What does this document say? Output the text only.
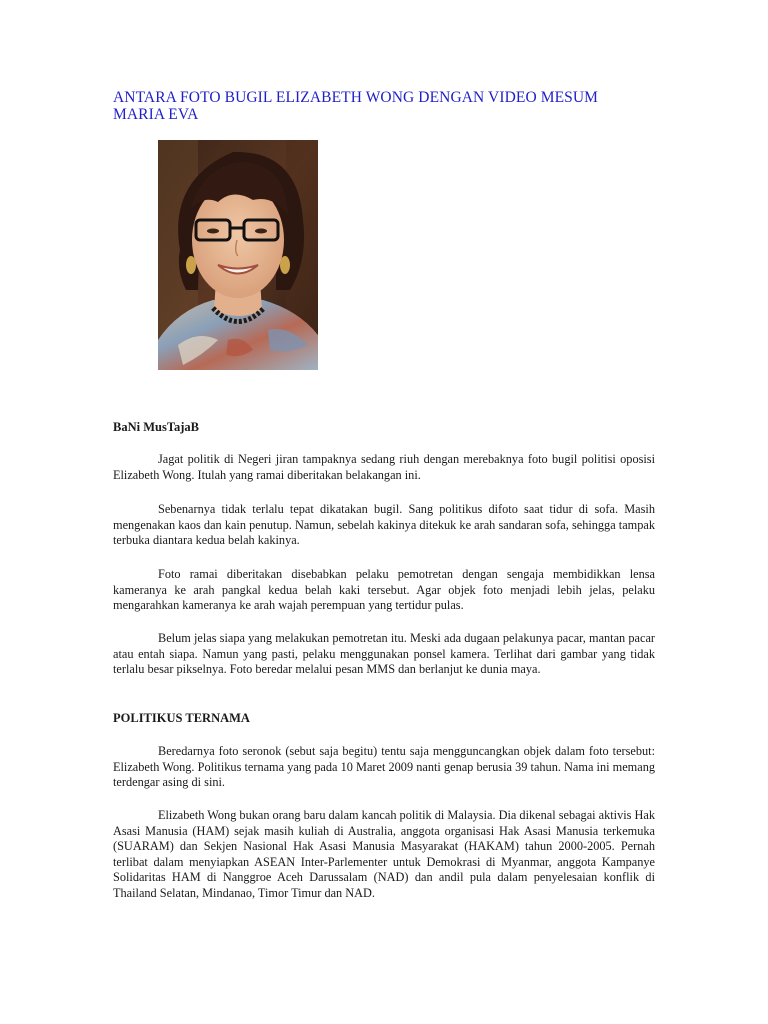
ANTARA FOTO BUGIL ELIZABETH WONG DENGAN VIDEO MESUM MARIA EVA
BaNi MusTajaB

Jagat politik di Negeri jiran tampaknya sedang riuh dengan merebaknya foto bugil politisi oposisi Elizabeth Wong. Itulah yang ramai diberitakan belakangan ini.

Sebenarnya tidak terlalu tepat dikatakan bugil. Sang politikus difoto saat tidur di sofa. Masih mengenakan kaos dan kain penutup. Namun, sebelah kakinya ditekuk ke arah sandaran sofa, sehingga tampak terbuka diantara kedua belah kakinya.

Foto ramai diberitakan disebabkan pelaku pemotretan dengan sengaja membidikkan lensa kameranya ke arah pangkal kedua belah kaki tersebut. Agar objek foto menjadi lebih jelas, pelaku mengarahkan kameranya ke arah wajah perempuan yang tertidur pulas.

Belum jelas siapa yang melakukan pemotretan itu. Meski ada dugaan pelakunya pacar, mantan pacar atau entah siapa. Namun yang pasti, pelaku menggunakan ponsel kamera. Terlihat dari gambar yang tidak terlalu besar pikselnya. Foto beredar melalui pesan MMS dan berlanjut ke dunia maya.

POLITIKUS TERNAMA

Beredarnya foto seronok (sebut saja begitu) tentu saja mengguncangkan objek dalam foto tersebut: Elizabeth Wong. Politikus ternama yang pada 10 Maret 2009 nanti genap berusia 39 tahun. Nama ini memang terdengar asing di sini.

Elizabeth Wong bukan orang baru dalam kancah politik di Malaysia. Dia dikenal sebagai aktivis Hak Asasi Manusia (HAM) sejak masih kuliah di Australia, anggota organisasi Hak Asasi Manusia terkemuka (SUARAM) dan Sekjen Nasional Hak Asasi Manusia Masyarakat (HAKAM) tahun 2000-2005. Pernah terlibat dalam menyiapkan ASEAN Inter-Parlementer untuk Demokrasi di Myanmar, anggota Kampanye Solidaritas HAM di Nanggroe Aceh Darussalam (NAD) dan andil pula dalam penyelesaian konflik di Thailand Selatan, Mindanao, Timor Timur dan NAD.
